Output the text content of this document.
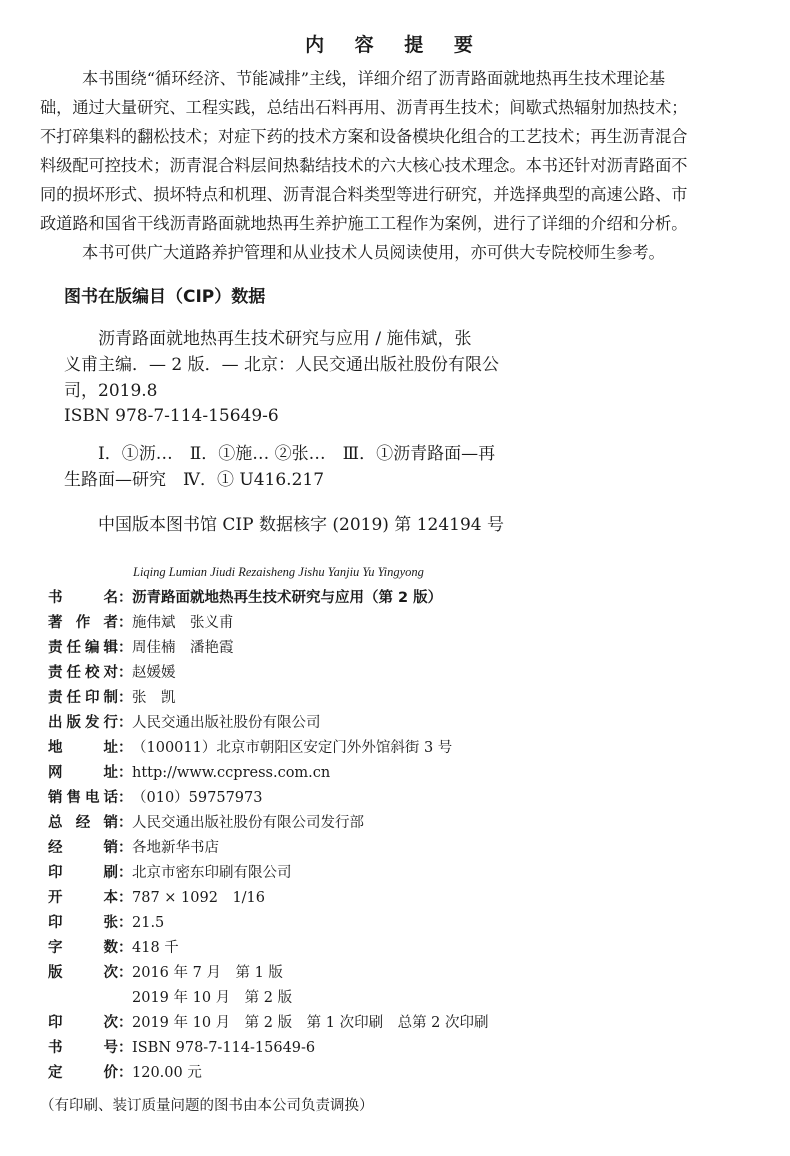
内 容 提 要
本书围绕“循环经济、节能减排”主线，详细介绍了沥青路面就地热再生技术理论基
础，通过大量研究、工程实践，总结出石料再用、沥青再生技术；间歇式热辐射加热技术；
不打碎集料的翻松技术；对症下药的技术方案和设备模块化组合的工艺技术；再生沥青混合
料级配可控技术；沥青混合料层间热黏结技术的六大核心技术理念。本书还针对沥青路面不
同的损坏形式、损坏特点和机理、沥青混合料类型等进行研究，并选择典型的高速公路、市
政道路和国省干线沥青路面就地热再生养护施工工程作为案例，进行了详细的介绍和分析。
本书可供广大道路养护管理和从业技术人员阅读使用，亦可供大专院校师生参考。
图书在版编目（CIP）数据
沥青路面就地热再生技术研究与应用 / 施伟斌，张
义甫主编．— 2 版．— 北京：人民交通出版社股份有限公
司，2019.8
ISBN 978-7-114-15649-6
Ⅰ．①沥…　Ⅱ．①施… ②张…　Ⅲ．①沥青路面—再
生路面—研究　Ⅳ．① U416.217
中国版本图书馆 CIP 数据核字 (2019) 第 124194 号
Liqing Lumian Jiudi Rezaisheng Jishu Yanjiu Yu Yingyong
书名：沥青路面就地热再生技术研究与应用（第 2 版）
著作者：施伟斌　张义甫
责任编辑：周佳楠　潘艳霞
责任校对：赵媛媛
责任印制：张　凯
出版发行：人民交通出版社股份有限公司
地址：（100011）北京市朝阳区安定门外外馆斜街 3 号
网址：http://www.ccpress.com.cn
销售电话：（010）59757973
总经销：人民交通出版社股份有限公司发行部
经销：各地新华书店
印刷：北京市密东印刷有限公司
开本：787 × 1092　1/16
印张：21.5
字数：418 千
版次：2016 年 7 月　第 1 版
2019 年 10 月　第 2 版
印次：2019 年 10 月　第 2 版　第 1 次印刷　总第 2 次印刷
书号：ISBN 978-7-114-15649-6
定价：120.00 元
（有印刷、装订质量问题的图书由本公司负责调换）
